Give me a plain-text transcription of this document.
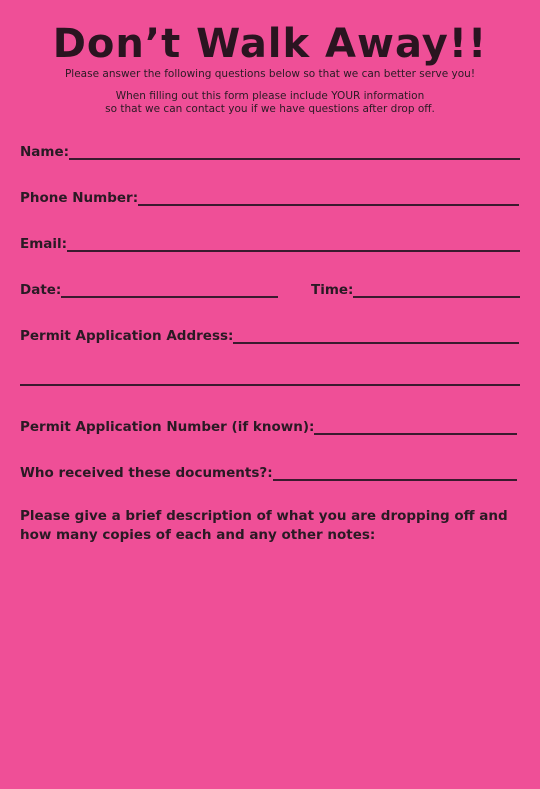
Don’t Walk Away!!
Please answer the following questions below so that we can better serve you!
When filling out this form please include YOUR information
so that we can contact you if we have questions after drop off.
Name:
Phone Number:
Email:
Date:	Time:
Permit Application Address:
Permit Application Number (if known):
Who received these documents?:
Please give a brief description of what you are dropping off and how many copies of each and any other notes:
